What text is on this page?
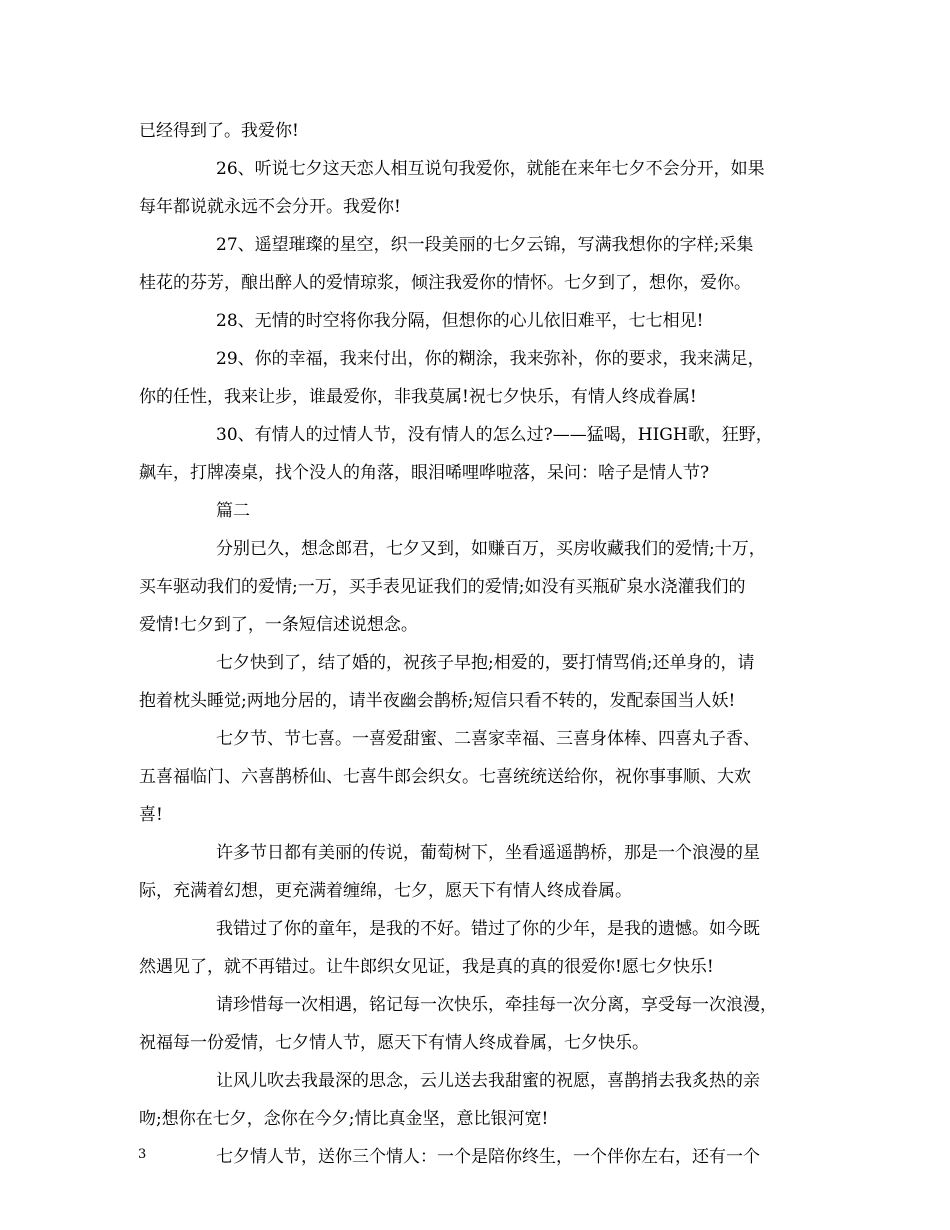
已经得到了。我爱你!
26、听说七夕这天恋人相互说句我爱你，就能在来年七夕不会分开，如果
每年都说就永远不会分开。我爱你!
27、遥望璀璨的星空，织一段美丽的七夕云锦，写满我想你的字样;采集
桂花的芬芳，酿出醉人的爱情琼浆，倾注我爱你的情怀。七夕到了，想你，爱你。
28、无情的时空将你我分隔，但想你的心儿依旧难平，七七相见!
29、你的幸福，我来付出，你的糊涂，我来弥补，你的要求，我来满足，
你的任性，我来让步，谁最爱你，非我莫属!祝七夕快乐，有情人终成眷属!
30、有情人的过情人节，没有情人的怎么过?——猛喝，HIGH歌，狂野，
飙车，打牌凑桌，找个没人的角落，眼泪唏哩哗啦落，呆问：啥子是情人节?
篇二
分别已久，想念郎君，七夕又到，如赚百万，买房收藏我们的爱情;十万，
买车驱动我们的爱情;一万，买手表见证我们的爱情;如没有买瓶矿泉水浇灌我们的
爱情!七夕到了，一条短信述说想念。
七夕快到了，结了婚的，祝孩子早抱;相爱的，要打情骂俏;还单身的，请
抱着枕头睡觉;两地分居的，请半夜幽会鹊桥;短信只看不转的，发配泰国当人妖!
七夕节、节七喜。一喜爱甜蜜、二喜家幸福、三喜身体棒、四喜丸子香、
五喜福临门、六喜鹊桥仙、七喜牛郎会织女。七喜统统送给你，祝你事事顺、大欢
喜!
许多节日都有美丽的传说，葡萄树下，坐看遥遥鹊桥，那是一个浪漫的星
际，充满着幻想，更充满着缠绵，七夕，愿天下有情人终成眷属。
我错过了你的童年，是我的不好。错过了你的少年，是我的遗憾。如今既
然遇见了，就不再错过。让牛郎织女见证，我是真的真的很爱你!愿七夕快乐!
请珍惜每一次相遇，铭记每一次快乐，牵挂每一次分离，享受每一次浪漫，
祝福每一份爱情，七夕情人节，愿天下有情人终成眷属，七夕快乐。
让风儿吹去我最深的思念，云儿送去我甜蜜的祝愿，喜鹊捎去我炙热的亲
吻;想你在七夕，念你在今夕;情比真金坚，意比银河宽!
七夕情人节，送你三个情人：一个是陪你终生，一个伴你左右，还有一个
3
